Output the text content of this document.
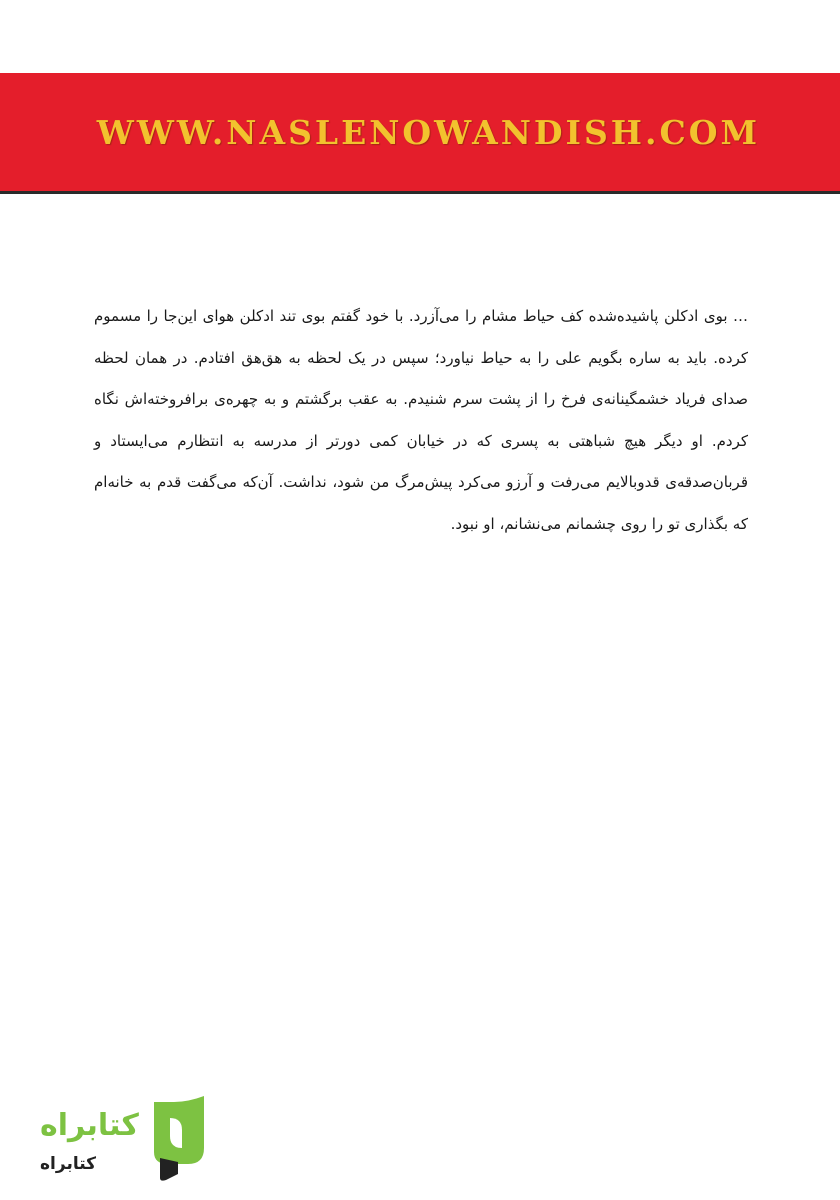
WWW.NASLENOWANDISH.COM

… بوی ادکلن پاشیده‌شده کف حیاط مشام را می‌آزرد. با خود گفتم بوی تند ادکلن هوای این‌جا را مسموم کرده. باید به ساره بگویم علی را به حیاط نیاورد؛ سپس در یک لحظه به هق‌هق افتادم. در همان لحظه صدای فریاد خشمگینانه‌ی فرخ را از پشت سرم شنیدم. به عقب برگشتم و به چهره‌ی برافروخته‌اش نگاه کردم. او دیگر هیچ شباهتی به پسری که در خیابان کمی دورتر از مدرسه به انتظارم می‌ایستاد و قربان‌صدقه‌ی قدوبالایم می‌رفت و آرزو می‌کرد پیش‌مرگ من شود، نداشت. آن‌که می‌گفت قدم به خانه‌ام که بگذاری تو را روی چشمانم می‌نشانم، او نبود.

کتابراه
کتابراه
